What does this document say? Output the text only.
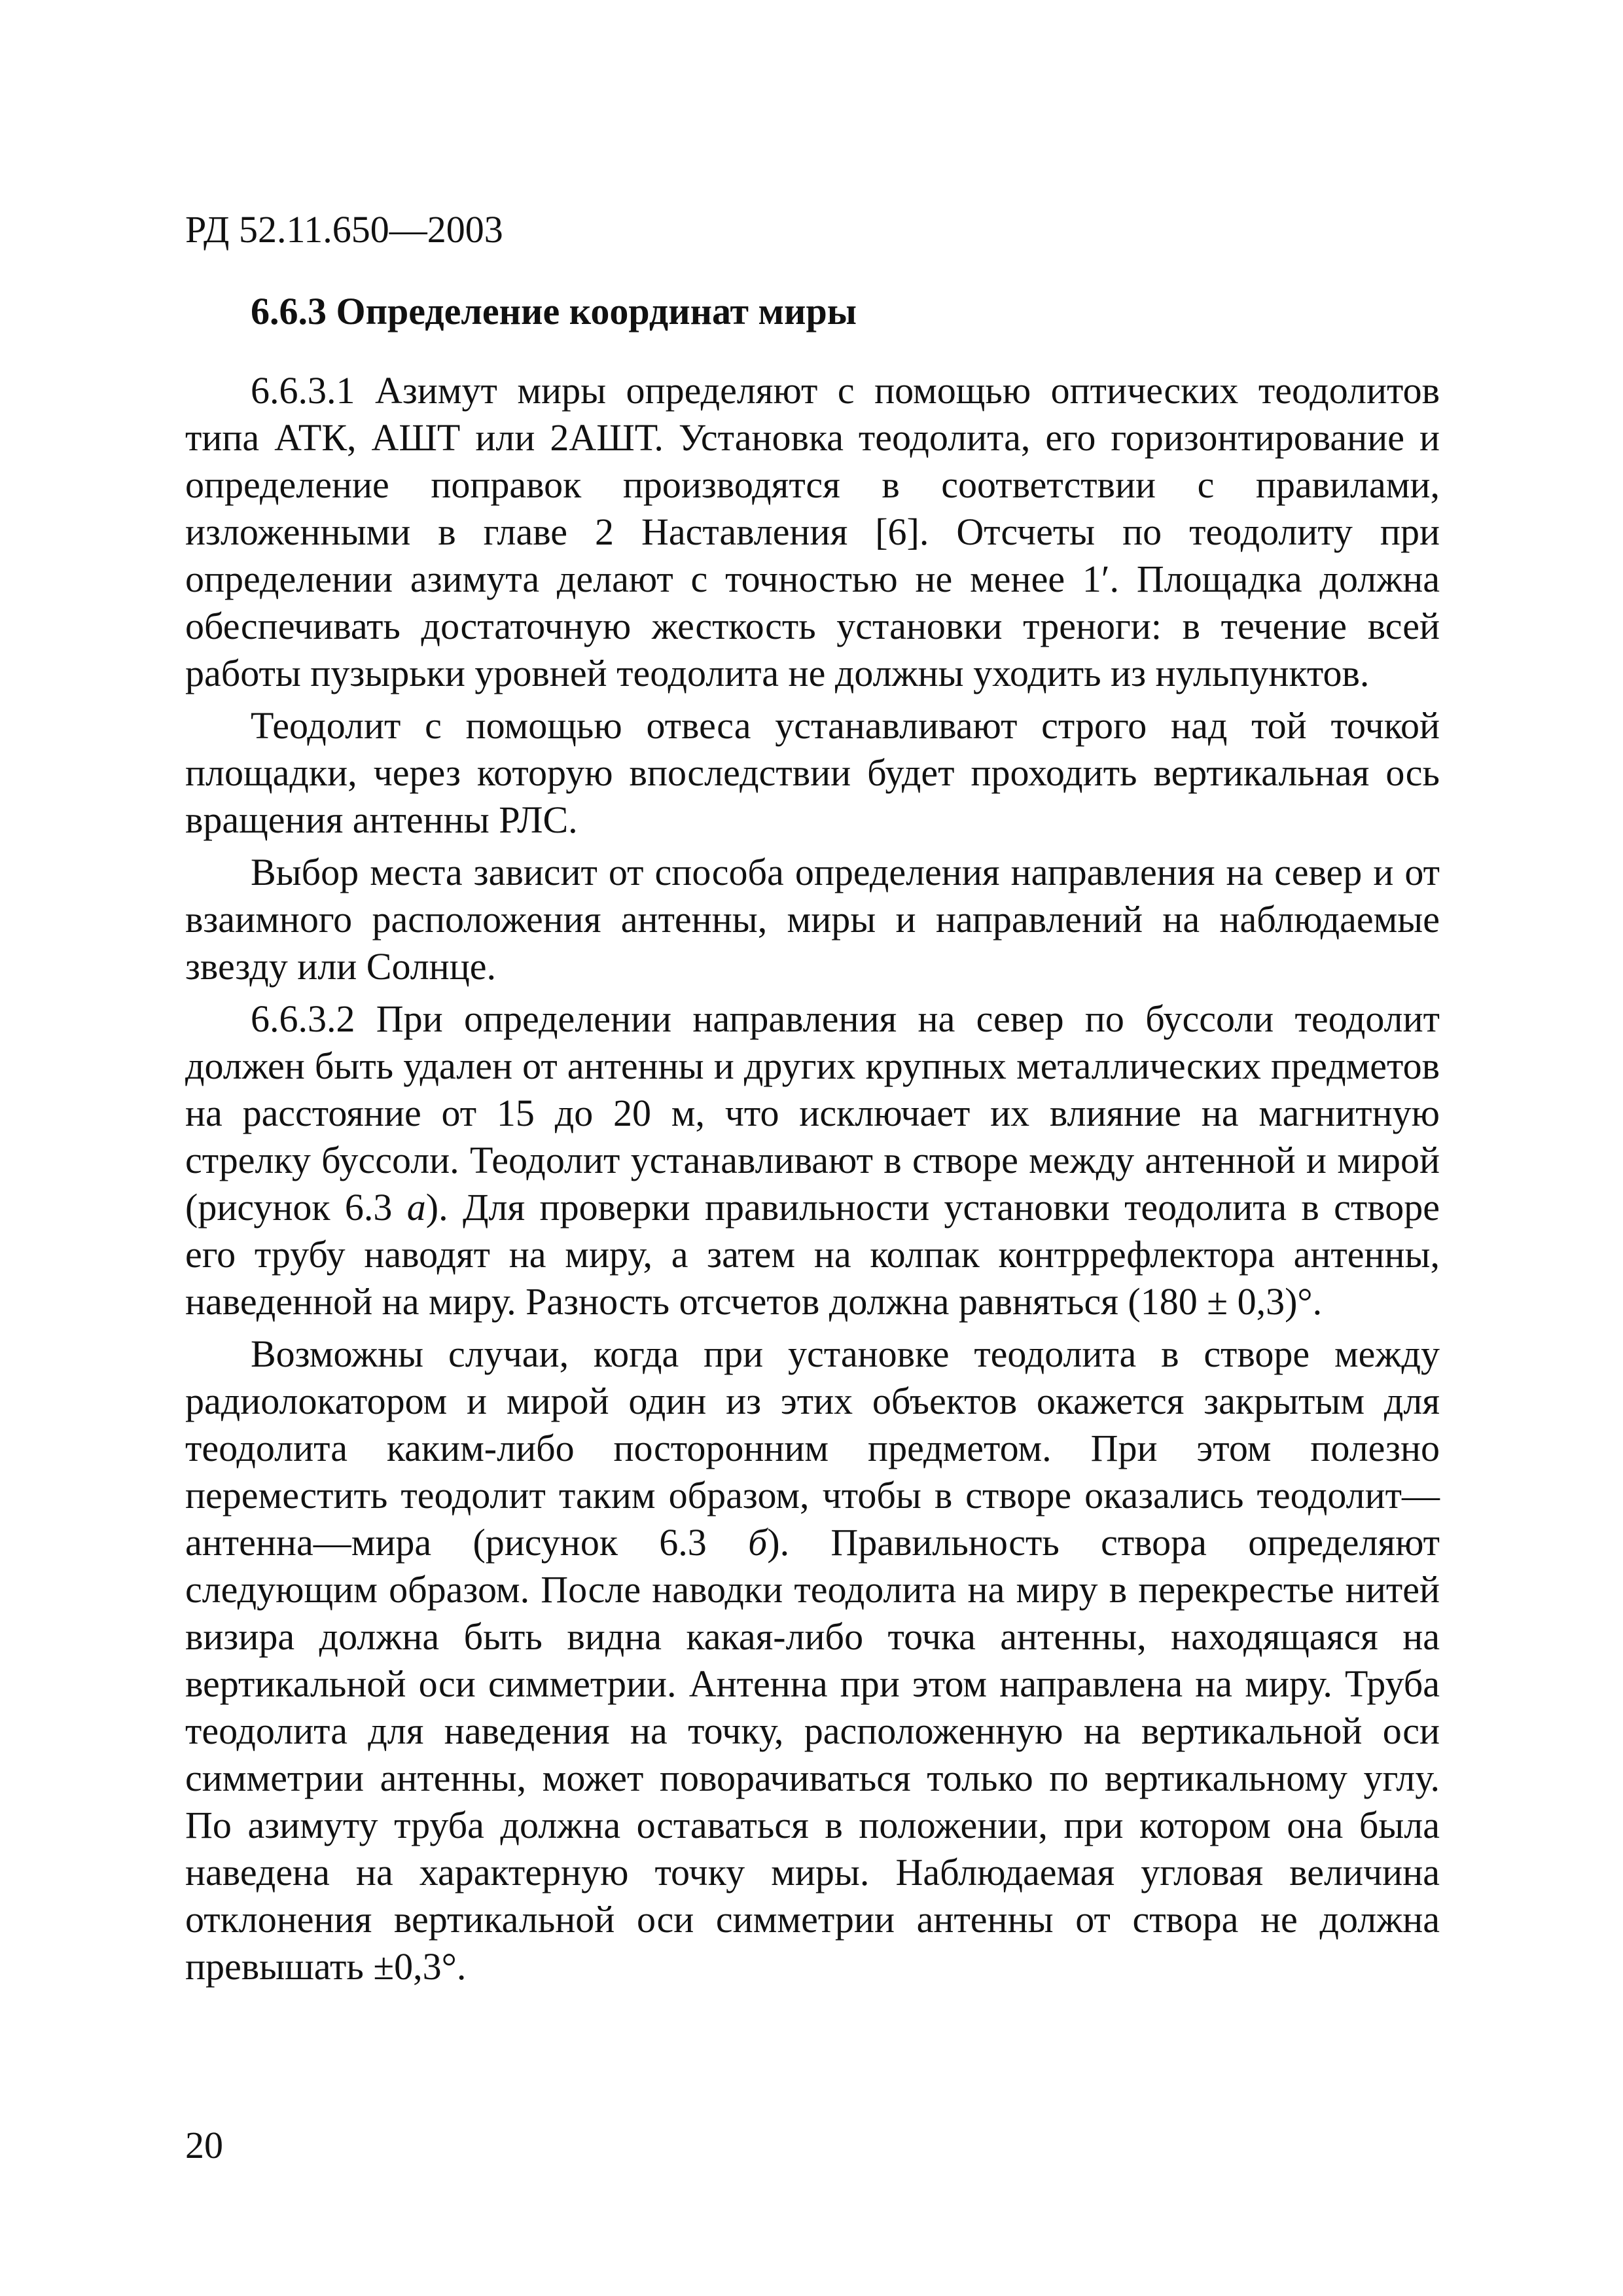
РД 52.11.650—2003
6.6.3 Определение координат миры

6.6.3.1 Азимут миры определяют с помощью оптических теодолитов типа АТК, АШТ или 2АШТ. Установка теодолита, его горизонтирование и определение поправок производятся в соответствии с правилами, изложенными в главе 2 Наставления [6]. Отсчеты по теодолиту при определении азимута делают с точностью не менее 1′. Площадка должна обеспечивать достаточную жесткость установки треноги: в течение всей работы пузырьки уровней теодолита не должны уходить из нульпунктов.

Теодолит с помощью отвеса устанавливают строго над той точкой площадки, через которую впоследствии будет проходить вертикальная ось вращения антенны РЛС.

Выбор места зависит от способа определения направления на север и от взаимного расположения антенны, миры и направлений на наблюдаемые звезду или Солнце.

6.6.3.2 При определении направления на север по буссоли теодолит должен быть удален от антенны и других крупных металлических предметов на расстояние от 15 до 20 м, что исключает их влияние на магнитную стрелку буссоли. Теодолит устанавливают в створе между антенной и мирой (рисунок 6.3 а). Для проверки правильности установки теодолита в створе его трубу наводят на миру, а затем на колпак контррефлектора антенны, наведенной на миру. Разность отсчетов должна равняться (180 ± 0,3)°.

Возможны случаи, когда при установке теодолита в створе между радиолокатором и мирой один из этих объектов окажется закрытым для теодолита каким-либо посторонним предметом. При этом полезно переместить теодолит таким образом, чтобы в створе оказались теодолит—антенна—мира (рисунок 6.3 б). Правильность створа определяют следующим образом. После наводки теодолита на миру в перекрестье нитей визира должна быть видна какая-либо точка антенны, находящаяся на вертикальной оси симметрии. Антенна при этом направлена на миру. Труба теодолита для наведения на точку, расположенную на вертикальной оси симметрии антенны, может поворачиваться только по вертикальному углу. По азимуту труба должна оставаться в положении, при котором она была наведена на характерную точку миры. Наблюдаемая угловая величина отклонения вертикальной оси симметрии антенны от створа не должна превышать ±0,3°.

20
